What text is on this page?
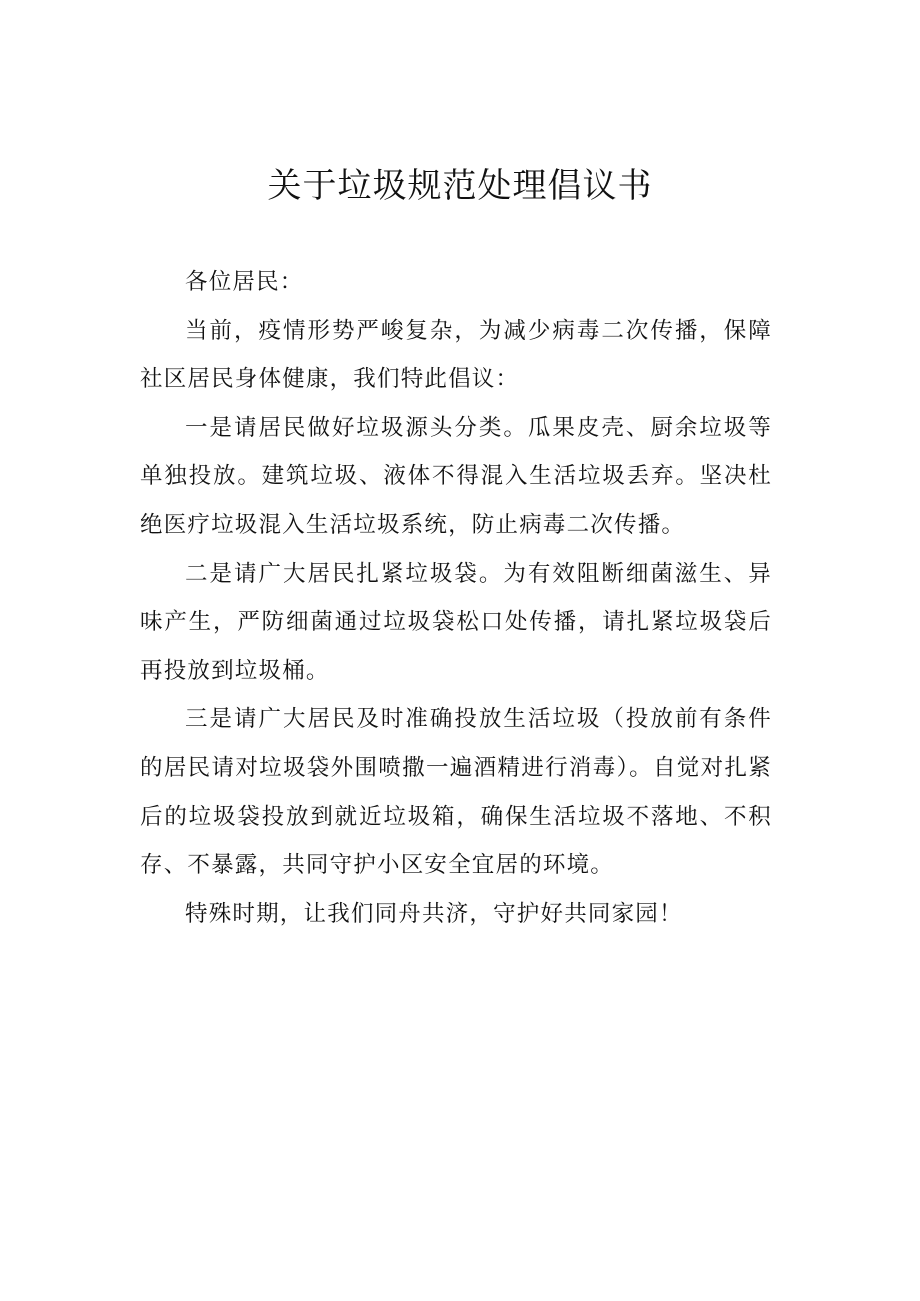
关于垃圾规范处理倡议书

各位居民：

当前，疫情形势严峻复杂，为减少病毒二次传播，保障社区居民身体健康，我们特此倡议：

一是请居民做好垃圾源头分类。瓜果皮壳、厨余垃圾等单独投放。建筑垃圾、液体不得混入生活垃圾丢弃。坚决杜绝医疗垃圾混入生活垃圾系统，防止病毒二次传播。

二是请广大居民扎紧垃圾袋。为有效阻断细菌滋生、异味产生，严防细菌通过垃圾袋松口处传播，请扎紧垃圾袋后再投放到垃圾桶。

三是请广大居民及时准确投放生活垃圾（投放前有条件的居民请对垃圾袋外围喷撒一遍酒精进行消毒）。自觉对扎紧后的垃圾袋投放到就近垃圾箱，确保生活垃圾不落地、不积存、不暴露，共同守护小区安全宜居的环境。

特殊时期，让我们同舟共济，守护好共同家园！
